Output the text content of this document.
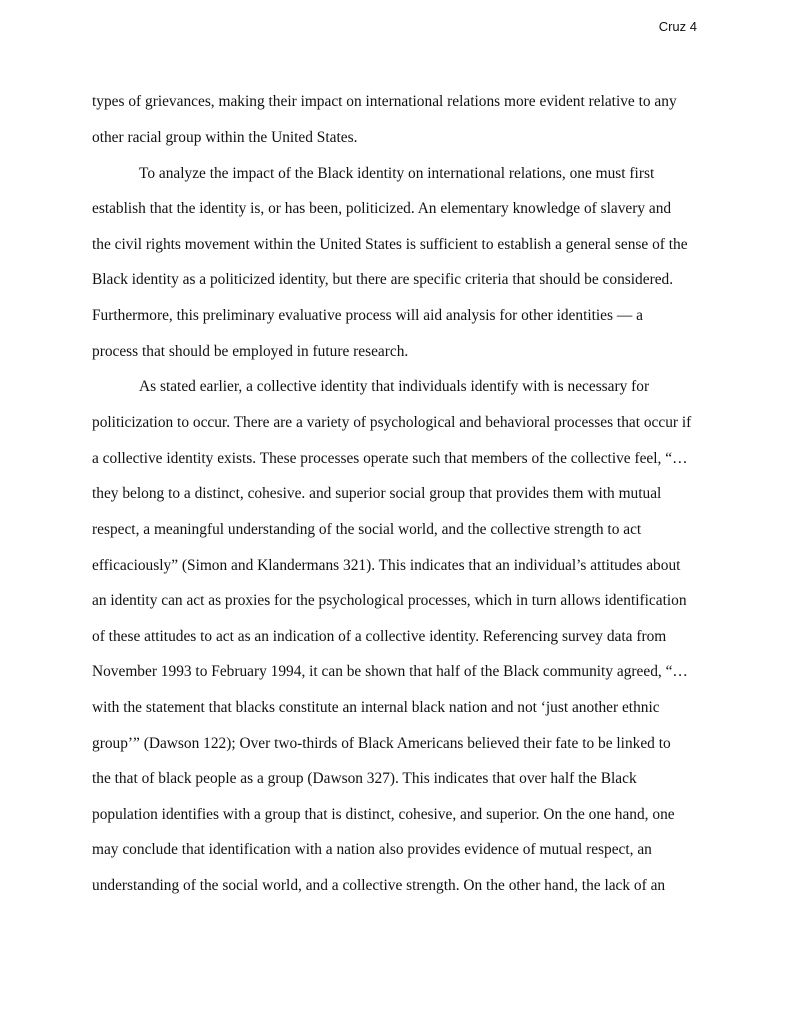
Cruz 4
types of grievances, making their impact on international relations more evident relative to any
other racial group within the United States.
To analyze the impact of the Black identity on international relations, one must first
establish that the identity is, or has been, politicized. An elementary knowledge of slavery and
the civil rights movement within the United States is sufficient to establish a general sense of the
Black identity as a politicized identity, but there are specific criteria that should be considered.
Furthermore, this preliminary evaluative process will aid analysis for other identities — a
process that should be employed in future research.
As stated earlier, a collective identity that individuals identify with is necessary for
politicization to occur. There are a variety of psychological and behavioral processes that occur if
a collective identity exists. These processes operate such that members of the collective feel, “…
they belong to a distinct, cohesive. and superior social group that provides them with mutual
respect, a meaningful understanding of the social world, and the collective strength to act
efficaciously” (Simon and Klandermans 321). This indicates that an individual’s attitudes about
an identity can act as proxies for the psychological processes, which in turn allows identification
of these attitudes to act as an indication of a collective identity. Referencing survey data from
November 1993 to February 1994, it can be shown that half of the Black community agreed, “…
with the statement that blacks constitute an internal black nation and not ‘just another ethnic
group’” (Dawson 122); Over two-thirds of Black Americans believed their fate to be linked to
the that of black people as a group (Dawson 327). This indicates that over half the Black
population identifies with a group that is distinct, cohesive, and superior. On the one hand, one
may conclude that identification with a nation also provides evidence of mutual respect, an
understanding of the social world, and a collective strength. On the other hand, the lack of an
